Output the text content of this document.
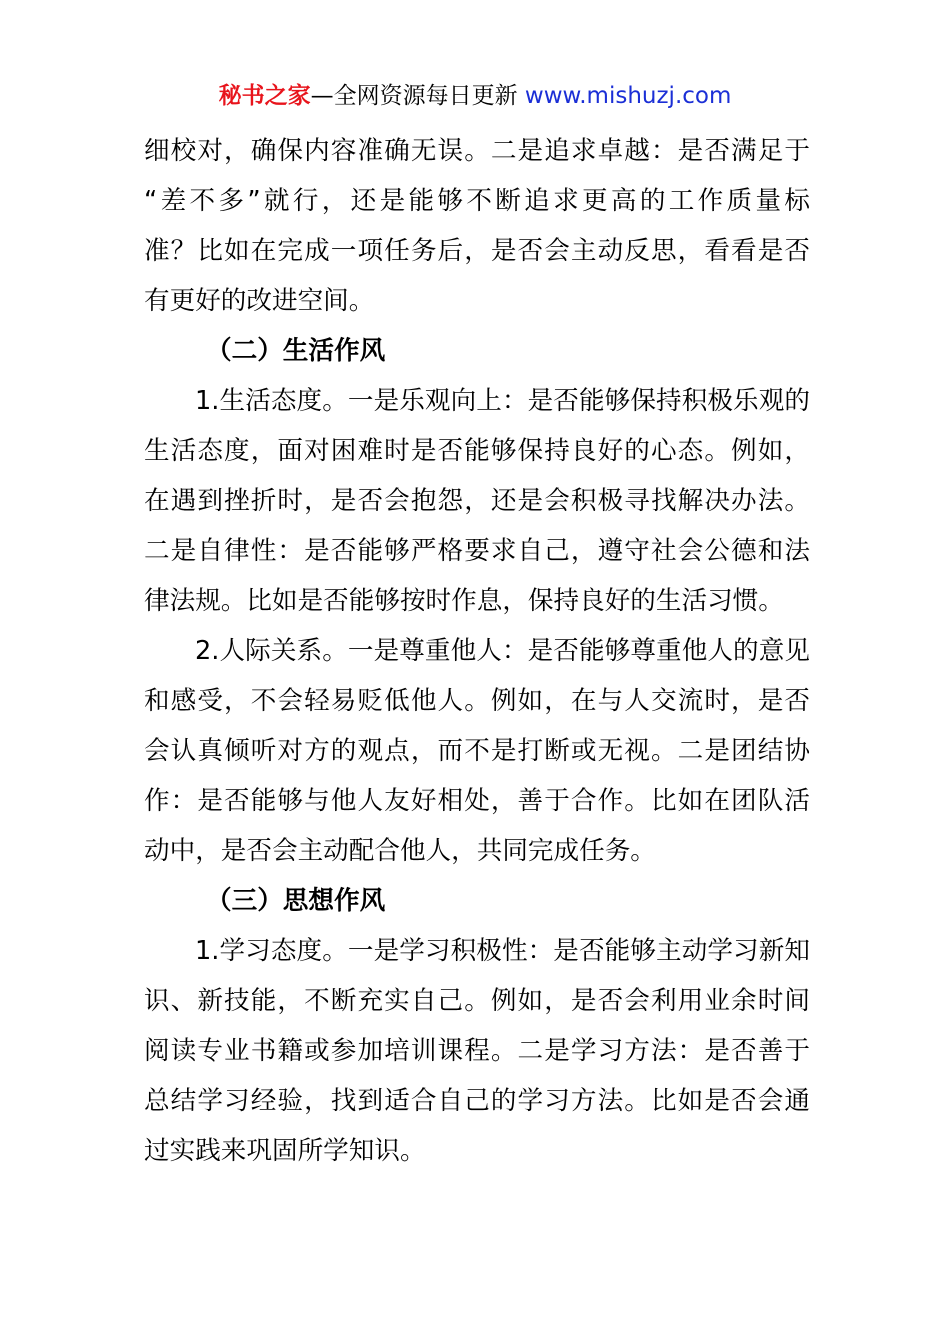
秘书之家—全网资源每日更新 www.mishuzj.com
细校对，确保内容准确无误。二是追求卓越：是否满足于
“差不多”就行，还是能够不断追求更高的工作质量标
准？比如在完成一项任务后，是否会主动反思，看看是否
有更好的改进空间。
（二）生活作风
1.生活态度。一是乐观向上：是否能够保持积极乐观的
生活态度，面对困难时是否能够保持良好的心态。例如，
在遇到挫折时，是否会抱怨，还是会积极寻找解决办法。
二是自律性：是否能够严格要求自己，遵守社会公德和法
律法规。比如是否能够按时作息，保持良好的生活习惯。
2.人际关系。一是尊重他人：是否能够尊重他人的意见
和感受，不会轻易贬低他人。例如，在与人交流时，是否
会认真倾听对方的观点，而不是打断或无视。二是团结协
作：是否能够与他人友好相处，善于合作。比如在团队活
动中，是否会主动配合他人，共同完成任务。
（三）思想作风
1.学习态度。一是学习积极性：是否能够主动学习新知
识、新技能，不断充实自己。例如，是否会利用业余时间
阅读专业书籍或参加培训课程。二是学习方法：是否善于
总结学习经验，找到适合自己的学习方法。比如是否会通
过实践来巩固所学知识。
